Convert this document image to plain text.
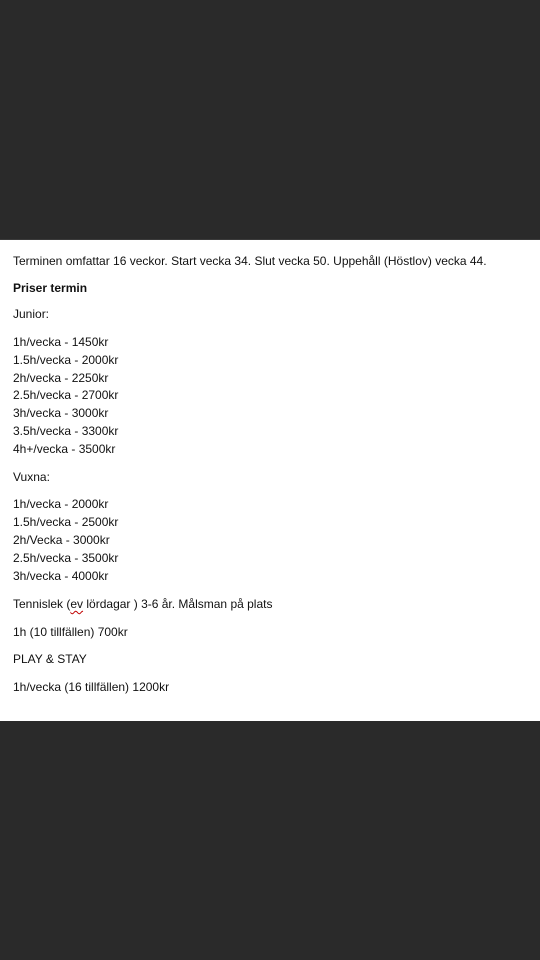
Terminen omfattar 16 veckor. Start vecka 34. Slut vecka 50. Uppehåll (Höstlov) vecka 44.
Priser termin
Junior:
1h/vecka - 1450kr
1.5h/vecka - 2000kr
2h/vecka - 2250kr
2.5h/vecka - 2700kr
3h/vecka - 3000kr
3.5h/vecka - 3300kr
4h+/vecka - 3500kr
Vuxna:
1h/vecka - 2000kr
1.5h/vecka - 2500kr
2h/Vecka - 3000kr
2.5h/vecka - 3500kr
3h/vecka - 4000kr
Tennislek (ev lördagar ) 3-6 år. Målsman på plats
1h (10 tillfällen) 700kr
PLAY & STAY
1h/vecka (16 tillfällen) 1200kr
